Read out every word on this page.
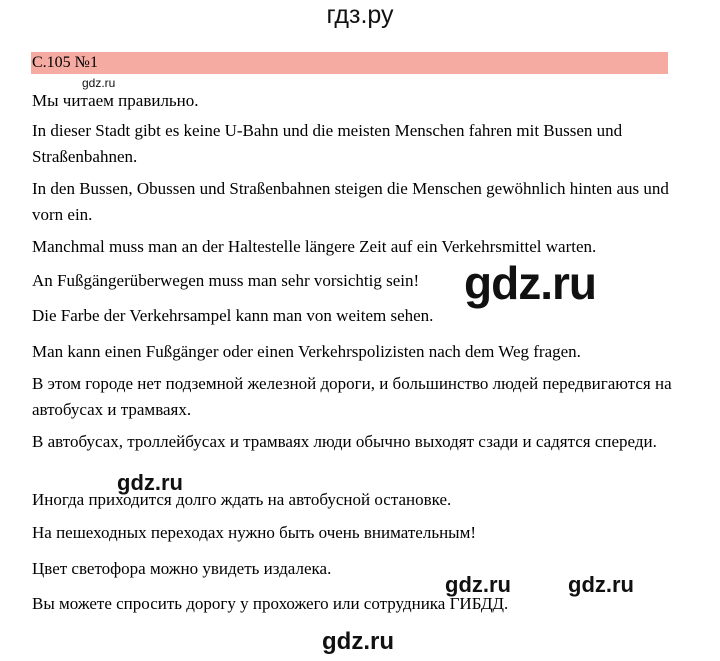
гдз.ру
С.105 №1

Мы читаем правильно.

In dieser Stadt gibt es keine U-Bahn und die meisten Menschen fahren mit Bussen und Straßenbahnen.

In den Bussen, Obussen und Straßenbahnen steigen die Menschen gewöhnlich hinten aus und vorn ein.

Manchmal muss man an der Haltestelle längere Zeit auf ein Verkehrsmittel warten.

An Fußgängerüberwegen muss man sehr vorsichtig sein!

Die Farbe der Verkehrsampel kann man von weitem sehen.

Man kann einen Fußgänger oder einen Verkehrspolizisten nach dem Weg fragen.

В этом городе нет подземной железной дороги, и большинство людей передвигаются на автобусах и трамваях.

В автобусах, троллейбусах и трамваях люди обычно выходят сзади и садятся спереди.

Иногда приходится долго ждать на автобусной остановке.

На пешеходных переходах нужно быть очень внимательным!

Цвет светофора можно увидеть издалека.

Вы можете спросить дорогу у прохожего или сотрудника ГИБДД.

gdz.ru
gdz.ru
gdz.ru
gdz.ru	gdz.ru
gdz.ru
